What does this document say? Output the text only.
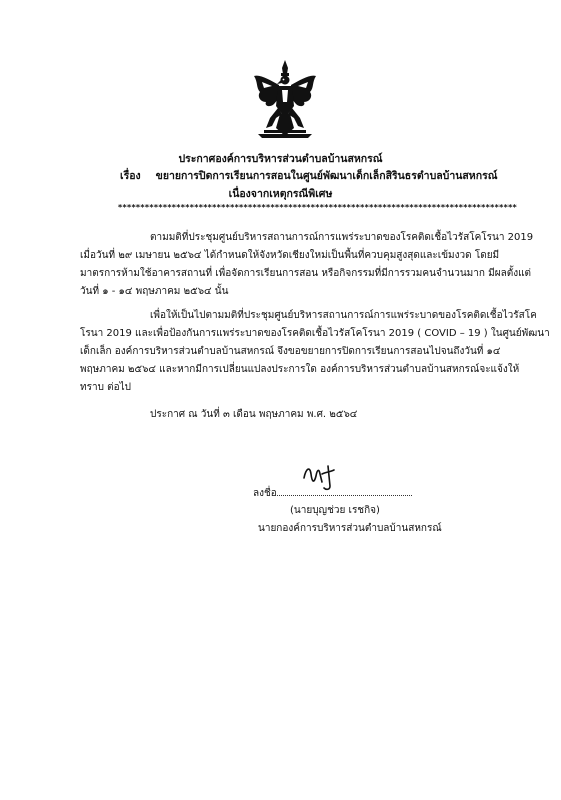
ประกาศองค์การบริหารส่วนตำบลบ้านสหกรณ์
เรื่อง ขยายการปิดการเรียนการสอนในศูนย์พัฒนาเด็กเล็กสิรินธรตำบลบ้านสหกรณ์
เนื่องจากเหตุกรณีพิเศษ
*****************************************************************************************
ตามมติที่ประชุมศูนย์บริหารสถานการณ์การแพร่ระบาดของโรคติดเชื้อไวรัสโคโรนา 2019
เมื่อวันที่ ๒๙ เมษายน ๒๕๖๔ ได้กำหนดให้จังหวัดเชียงใหม่เป็นพื้นที่ควบคุมสูงสุดและเข้มงวด โดยมี
มาตรการห้ามใช้อาคารสถานที่ เพื่อจัดการเรียนการสอน หรือกิจกรรมที่มีการรวมคนจำนวนมาก มีผลตั้งแต่
วันที่ ๑ - ๑๔ พฤษภาคม ๒๕๖๔ นั้น
เพื่อให้เป็นไปตามมติที่ประชุมศูนย์บริหารสถานการณ์การแพร่ระบาดของโรคติดเชื้อไวรัสโค
โรนา 2019 และเพื่อป้องกันการแพร่ระบาดของโรคติดเชื้อไวรัสโคโรนา 2019 ( COVID – 19 ) ในศูนย์พัฒนา
เด็กเล็ก องค์การบริหารส่วนตำบลบ้านสหกรณ์ จึงขอขยายการปิดการเรียนการสอนไปจนถึงวันที่ ๑๔
พฤษภาคม ๒๕๖๔ และหากมีการเปลี่ยนแปลงประการใด องค์การบริหารส่วนตำบลบ้านสหกรณ์จะแจ้งให้
ทราบ ต่อไป
ประกาศ ณ วันที่ ๓ เดือน พฤษภาคม พ.ศ. ๒๕๖๔
ลงชื่อ
(นายบุญช่วย เรชกิจ)
นายกองค์การบริหารส่วนตำบลบ้านสหกรณ์
